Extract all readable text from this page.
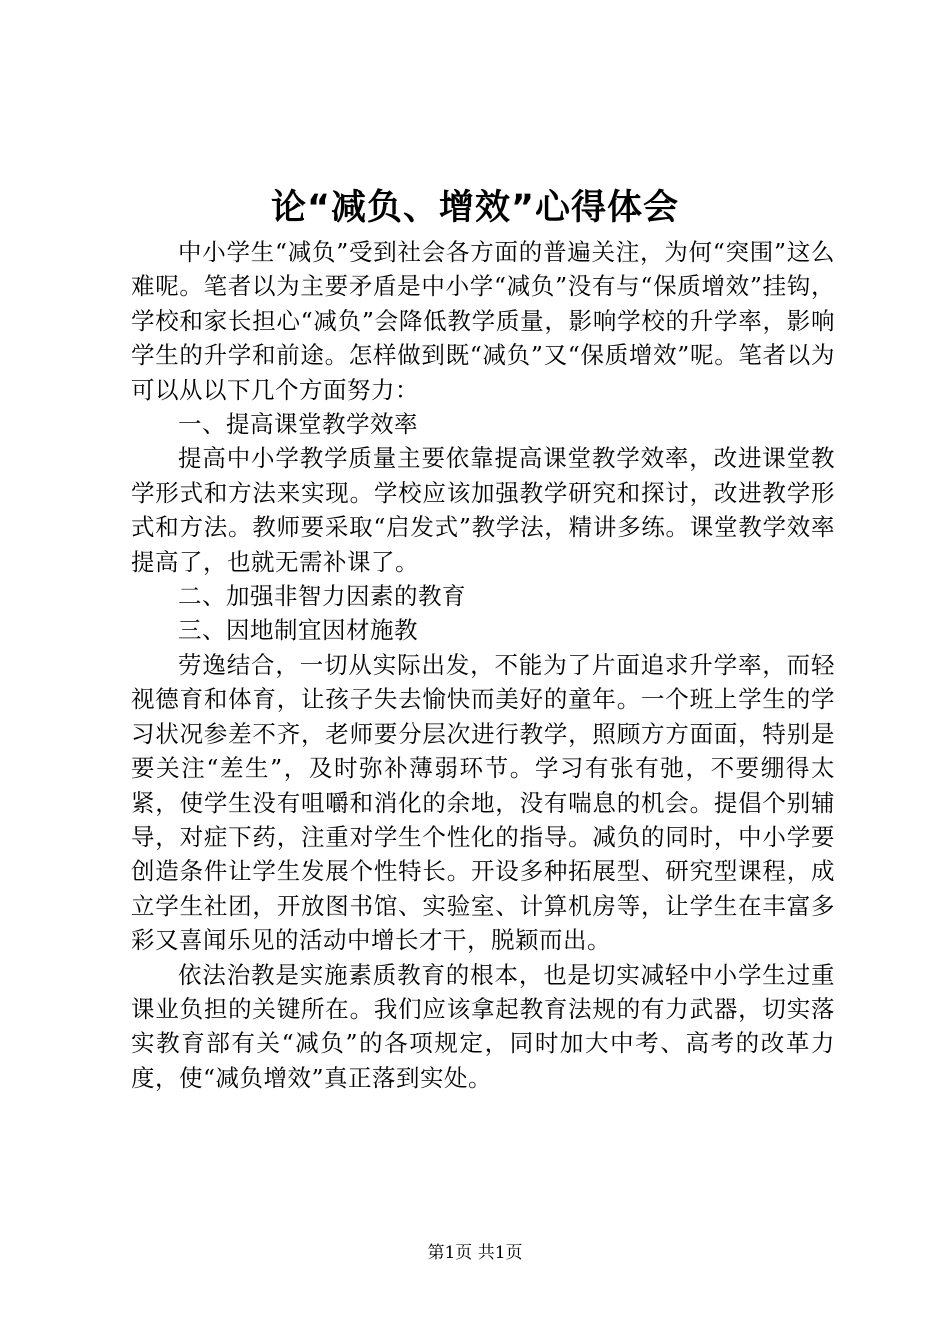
论“减负、增效”心得体会

中小学生“减负”受到社会各方面的普遍关注，为何“突围”这么难呢。笔者以为主要矛盾是中小学“减负”没有与“保质增效”挂钩，学校和家长担心“减负”会降低教学质量，影响学校的升学率，影响学生的升学和前途。怎样做到既“减负”又“保质增效”呢。笔者以为可以从以下几个方面努力：

一、提高课堂教学效率

提高中小学教学质量主要依靠提高课堂教学效率，改进课堂教学形式和方法来实现。学校应该加强教学研究和探讨，改进教学形式和方法。教师要采取“启发式”教学法，精讲多练。课堂教学效率提高了，也就无需补课了。

二、加强非智力因素的教育

三、因地制宜因材施教

劳逸结合，一切从实际出发，不能为了片面追求升学率，而轻视德育和体育，让孩子失去愉快而美好的童年。一个班上学生的学习状况参差不齐，老师要分层次进行教学，照顾方方面面，特别是要关注“差生”，及时弥补薄弱环节。学习有张有弛，不要绷得太紧，使学生没有咀嚼和消化的余地，没有喘息的机会。提倡个别辅导，对症下药，注重对学生个性化的指导。减负的同时，中小学要创造条件让学生发展个性特长。开设多种拓展型、研究型课程，成立学生社团，开放图书馆、实验室、计算机房等，让学生在丰富多彩又喜闻乐见的活动中增长才干，脱颖而出。

依法治教是实施素质教育的根本，也是切实减轻中小学生过重课业负担的关键所在。我们应该拿起教育法规的有力武器，切实落实教育部有关“减负”的各项规定，同时加大中考、高考的改革力度，使“减负增效”真正落到实处。

第1页 共1页
